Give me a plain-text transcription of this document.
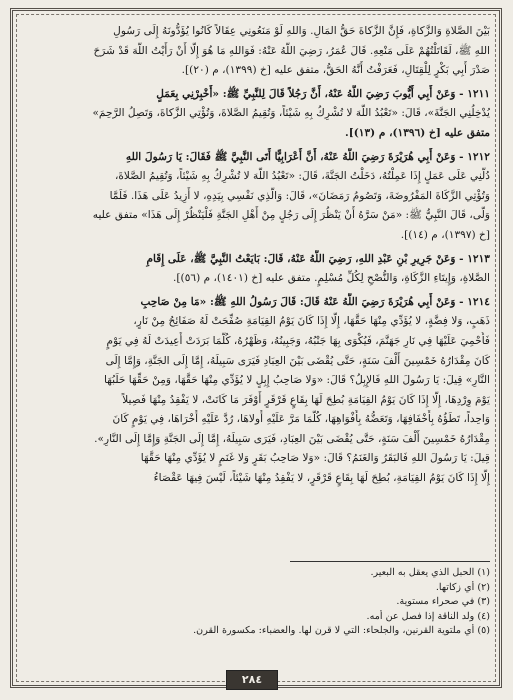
بَيْنَ الصَّلاةِ وَالزَّكاةِ، فَإِنَّ الزَّكاةَ حَقُّ المَالِ. وَاللهِ لَوْ مَنَعُونِي عِقَالاً كَانُوا يُؤَدُّونَهُ إِلَى رَسُولِ
اللهِ ﷺ، لَقَاتَلْتُهُمْ عَلَى مَنْعِهِ. قَالَ عُمَرُ، رَضِيَ اللَّهُ عَنْهُ: فَوَاللهِ مَا هُوَ إِلَّا أَنْ رَأَيْتُ اللَّهَ قَدْ شَرَحَ
صَدْرَ أَبِي بَكْرٍ لِلْقِتَالِ، فَعَرَفْتُ أَنَّهُ الحَقُّ، متفق عليه [خ (١٣٩٩)، م (٢٠)].
١٢١١ - وَعَنْ أَبِي أَيُّوبَ رَضِيَ اللَّهُ عَنْهُ، أَنَّ رَجُلاً قَالَ لِلنَّبِيِّ ﷺ: «أَخْبِرْنِي بِعَمَلٍ
يُدْخِلُنِي الجَنَّةَ»، قَالَ: «تَعْبُدُ اللَّهَ لا تُشْرِكُ بِهِ شَيْئاً، وَتُقِيمُ الصَّلاةَ، وَتُؤْتِي الزَّكاةَ، وَتَصِلُ الرَّحِمَ»
متفق عليه [خ (١٣٩٦)، م (١٣)].
١٢١٢ - وَعَنْ أَبِي هُرَيْرَةَ رَضِيَ اللَّهُ عَنْهُ، أَنَّ أَعْرَابِيًّا أَتَى النَّبِيَّ ﷺ فَقَالَ: يَا رَسُولَ اللهِ
دُلَّنِي عَلَى عَمَلٍ إِذَا عَمِلْتُهُ، دَخَلْتُ الجَنَّةَ، قَالَ: «تَعْبُدُ اللَّهَ لا تُشْرِكُ بِهِ شَيْئاً، وَتُقِيمُ الصَّلاةَ،
وَتُؤْتِي الزَّكَاةَ المَفْرُوضَةَ، وَتَصُومُ رَمَضَانَ»، قَالَ: وَالَّذِي نَفْسِي بِيَدِهِ، لا أَزِيدُ عَلَى هَذَا. فَلَمَّا
وَلَّى، قَالَ النَّبِيُّ ﷺ: «مَنْ سَرَّهُ أَنْ يَنْظُرَ إِلَى رَجُلٍ مِنْ أَهْلِ الجَنَّةِ فَلْيَنْظُرْ إِلَى هَذَا» متفق عليه
[خ (١٣٩٧)، م (١٤)].
١٢١٣ - وَعَنْ جَرِيرِ بْنِ عَبْدِ اللهِ، رَضِيَ اللَّهُ عَنْهُ، قَالَ: بَايَعْتُ النَّبِيَّ ﷺ، عَلَى إِقَامِ
الصَّلاةِ، وَإِيتَاءِ الزَّكَاةِ، وَالنُّصْحِ لِكُلِّ مُسْلِمٍ. متفق عليه [خ (١٤٠١)، م (٥٦)].
١٢١٤ - وَعَنْ أَبِي هُرَيْرَةَ رَضِيَ اللَّهُ عَنْهُ قَالَ: قَالَ رَسُولُ اللهِ ﷺ: «مَا مِنْ صَاحِبِ
ذَهَبٍ، وَلا فِضَّةٍ، لا يُؤَدِّي مِنْهَا حَقَّهَا، إِلَّا إِذَا كَانَ يَوْمُ القِيَامَةِ صُفِّحَتْ لَهُ صَفَائِحُ مِنْ نَارٍ،
فَأُحْمِيَ عَلَيْهَا فِي نَارِ جَهَنَّمَ، فَيُكْوَى بِهَا جَنْبُهُ، وَجَبِينُهُ، وَظَهْرُهُ، كُلَّمَا بَرَدَتْ أُعِيدَتْ لَهُ فِي يَوْمٍ
كَانَ مِقْدَارُهُ خَمْسِينَ أَلْفَ سَنَةٍ، حَتَّى يُقْضَى بَيْنَ العِبَادِ فَيَرَى سَبِيلَهُ، إِمَّا إِلَى الجَنَّةِ، وَإِمَّا إِلَى
النَّارِ» قِيلَ: يَا رَسُولَ اللهِ فَالإِبِلُ؟ قَالَ: «وَلا صَاحِبُ إِبِلٍ لا يُؤَدِّي مِنْهَا حَقَّهَا، وَمِنْ حَقِّهَا حَلَبُهَا
يَوْمَ وِرْدِهَا، إِلَّا إِذَا كَانَ يَوْمُ القِيَامَةِ بُطِحَ لَهَا بِقَاعٍ قَرْقَرٍ أَوْفَرَ مَا كَانَتْ، لا يَفْقِدُ مِنْهَا فَصِيلاً
وَاحِداً، تَطَؤُهُ بِأَخْفَافِهَا، وَتَعَضُّهُ بِأَفْوَاهِهَا، كُلَّمَا مَرَّ عَلَيْهِ أُولاهَا، رُدَّ عَلَيْهِ أُخْرَاهَا، فِي يَوْمٍ كَانَ
مِقْدَارُهُ خَمْسِينَ أَلْفَ سَنَةٍ، حَتَّى يُقْضَى بَيْنَ العِبَادِ، فَيَرَى سَبِيلَهُ، إِمَّا إِلَى الجَنَّةِ وَإِمَّا إِلَى النَّارِ».
قِيلَ: يَا رَسُولَ اللهِ فَالبَقَرُ وَالغَنَمُ؟ قَالَ: «وَلا صَاحِبُ بَقَرٍ وَلا غَنَمٍ لا يُؤَدِّي مِنْهَا حَقَّهَا
إِلَّا إِذَا كَانَ يَوْمُ القِيَامَةِ، بُطِحَ لَهَا بِقَاعٍ قَرْقَرٍ، لا يَفْقِدُ مِنْهَا شَيْئاً، لَيْسَ فِيهَا عَقْصَاءُ
(١) الحبل الذي يعقل به البعير.
(٢) أي زكاتها.
(٣) في صحراء مستوية.
(٤) ولد الناقة إذا فصل عن أمه.
(٥) أي ملتوية القرنين، والجلحاء: التي لا قرن لها. والعضباء: مكسورة القرن.
٢٨٤
